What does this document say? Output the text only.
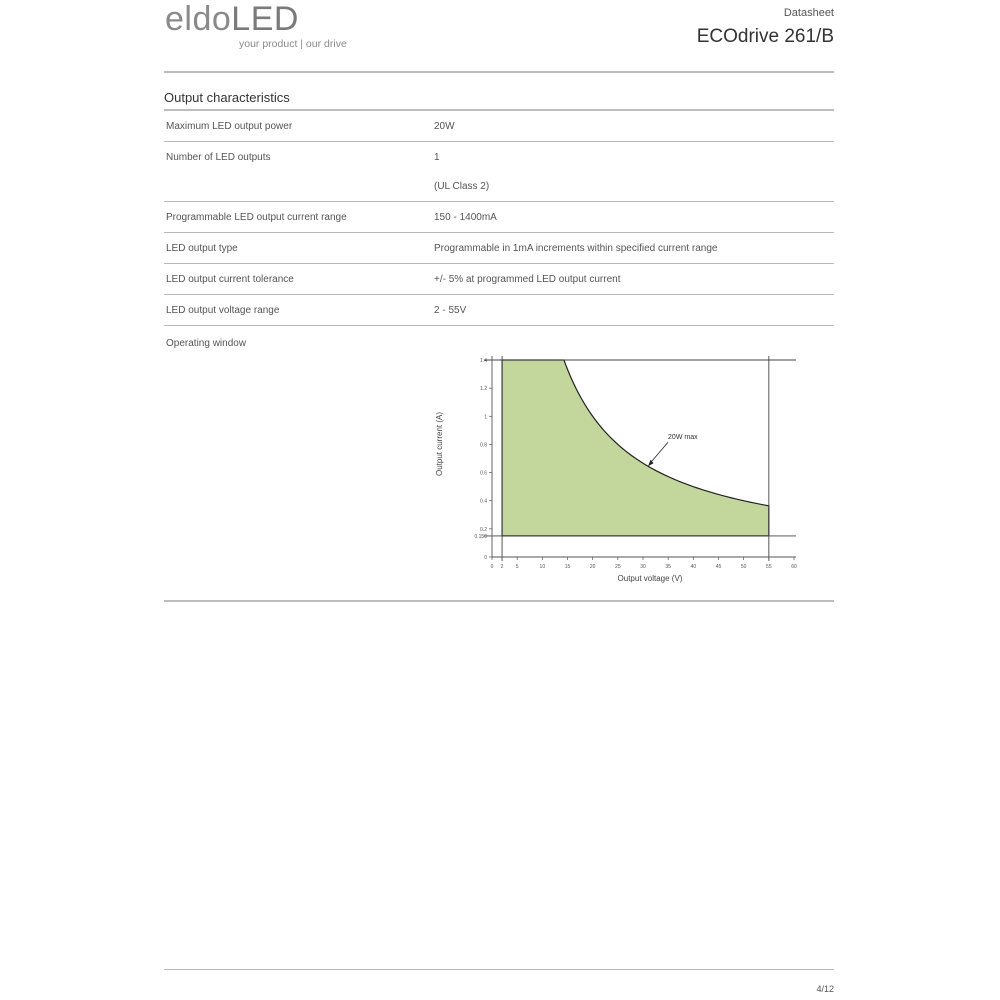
eldoLED
your product | our drive
Datasheet
ECOdrive 261/B
Output characteristics
Maximum LED output power	20W
Number of LED outputs	1
(UL Class 2)
Programmable LED output current range	150 - 1400mA
LED output type	Programmable in 1mA increments within specified current range
LED output current tolerance	+/- 5% at programmed LED output current
LED output voltage range	2 - 55V
Operating window
0 2 5	10	15	20	25	30	35	40	45	50	55	60
0
0.150
0.2
0.4
0.6
0.8
1
1.2
1.4
20W max
Output voltage (V)
Output current (A)
4/12
